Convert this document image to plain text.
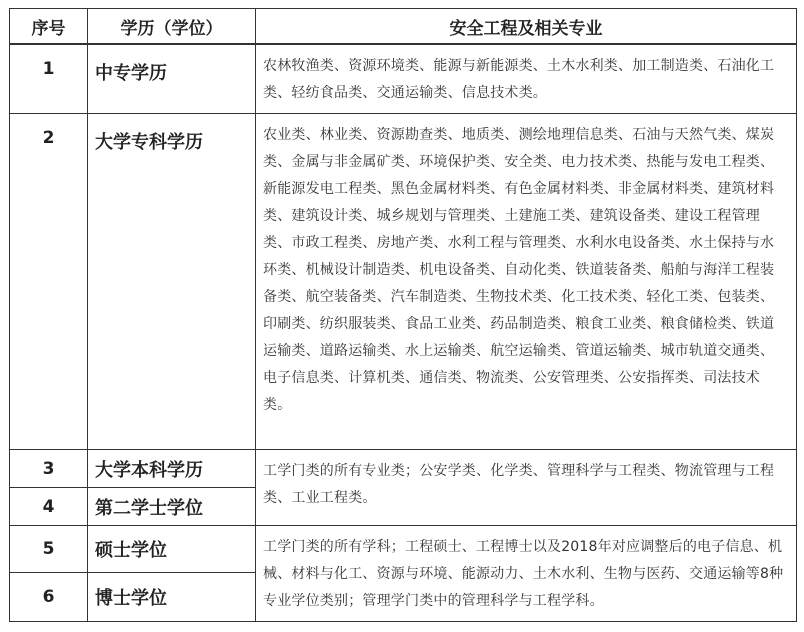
序号	学历（学位）	安全工程及相关专业
1	中专学历	农林牧渔类、资源环境类、能源与新能源类、土木水利类、加工制造类、石油化工类、轻纺食品类、交通运输类、信息技术类。
2	大学专科学历	农业类、林业类、资源勘查类、地质类、测绘地理信息类、石油与天然气类、煤炭类、金属与非金属矿类、环境保护类、安全类、电力技术类、热能与发电工程类、新能源发电工程类、黑色金属材料类、有色金属材料类、非金属材料类、建筑材料类、建筑设计类、城乡规划与管理类、土建施工类、建筑设备类、建设工程管理类、市政工程类、房地产类、水利工程与管理类、水利水电设备类、水土保持与水环类、机械设计制造类、机电设备类、自动化类、铁道装备类、船舶与海洋工程装备类、航空装备类、汽车制造类、生物技术类、化工技术类、轻化工类、包装类、印刷类、纺织服装类、食品工业类、药品制造类、粮食工业类、粮食储检类、铁道运输类、道路运输类、水上运输类、航空运输类、管道运输类、城市轨道交通类、电子信息类、计算机类、通信类、物流类、公安管理类、公安指挥类、司法技术类。
3	大学本科学历	工学门类的所有专业类；公安学类、化学类、管理科学与工程类、物流管理与工程类、工业工程类。
4	第二学士学位	
5	硕士学位	工学门类的所有学科；工程硕士、工程博士以及2018年对应调整后的电子信息、机械、材料与化工、资源与环境、能源动力、土木水利、生物与医药、交通运输等8种专业学位类别；管理学门类中的管理科学与工程学科。
6	博士学位	
